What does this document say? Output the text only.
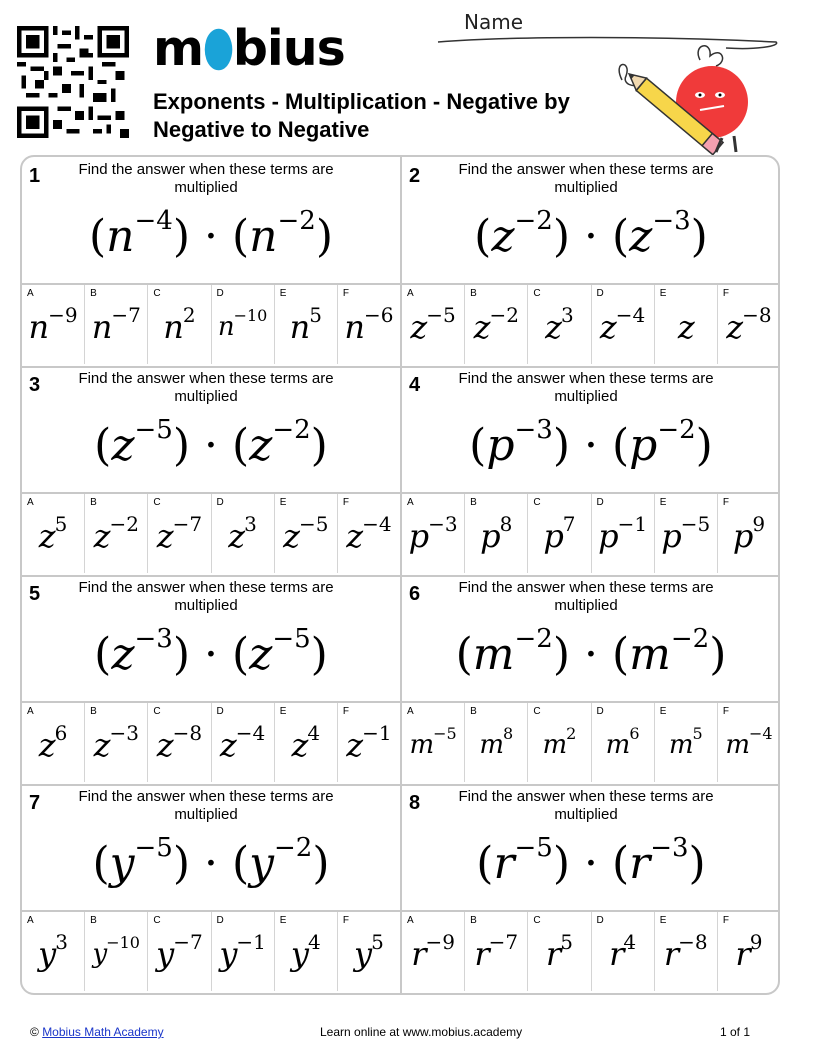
m⬮bius
Exponents - Multiplication - Negative by Negative to Negative
Name
1	Find the answer when these terms are multiplied
$(n^{-4}) \cdot (n^{-2})$
A
$n^{-9}$
B
$n^{-7}$
C
$n^2$
D
$n^{-10}$
E
$n^5$
F
$n^{-6}$
2	Find the answer when these terms are multiplied
$(z^{-2}) \cdot (z^{-3})$
A
$z^{-5}$
B
$z^{-2}$
C
$z^3$
D
$z^{-4}$
E
z
F
$z^{-8}$
3	Find the answer when these terms are multiplied
$(z^{-5}) \cdot (z^{-2})$
A
$z^5$
B
$z^{-2}$
C
$z^{-7}$
D
$z^3$
E
$z^{-5}$
F
$z^{-4}$
4	Find the answer when these terms are multiplied
$(p^{-3}) \cdot (p^{-2})$
A
$p^{-3}$
B
$p^8$
C
$p^7$
D
$p^{-1}$
E
$p^{-5}$
F
$p^9$
5	Find the answer when these terms are multiplied
$(z^{-3}) \cdot (z^{-5})$
A
$z^6$
B
$z^{-3}$
C
$z^{-8}$
D
$z^{-4}$
E
$z^4$
F
$z^{-1}$
6	Find the answer when these terms are multiplied
$(m^{-2}) \cdot (m^{-2})$
A
$m^{-5}$
B
$m^8$
C
$m^2$
D
$m^6$
E
$m^5$
F
$m^{-4}$
7	Find the answer when these terms are multiplied
$(y^{-5}) \cdot (y^{-2})$
A
$y^3$
B
$y^{-10}$
C
$y^{-7}$
D
$y^{-1}$
E
$y^4$
F
$y^5$
8	Find the answer when these terms are multiplied
$(r^{-5}) \cdot (r^{-3})$
A
$r^{-9}$
B
$r^{-7}$
C
$r^5$
D
$r^4$
E
$r^{-8}$
F
$r^9$
© Mobius Math Academy	Learn online at www.mobius.academy	1 of 1
